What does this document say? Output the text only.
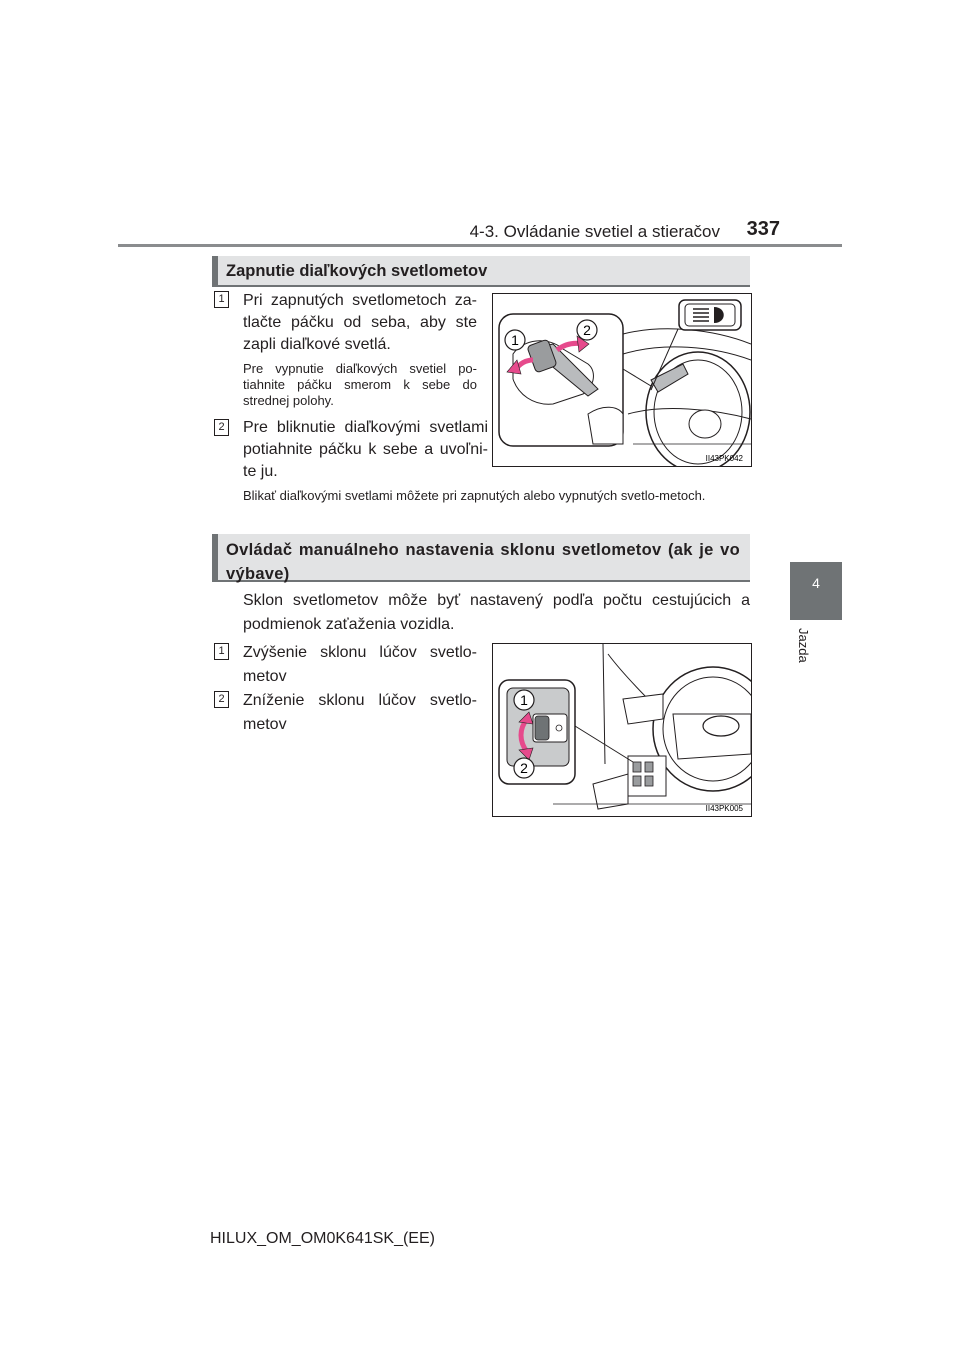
4-3. Ovládanie svetiel a stieračov	337
4
Jazda
Zapnutie diaľkových svetlometov
1 Pri zapnutých svetlometoch za-tlačte páčku od seba, aby ste zapli diaľkové svetlá.
Pre vypnutie diaľkových svetiel po-tiahnite páčku smerom k sebe do strednej polohy.
2 Pre bliknutie diaľkovými svetlami potiahnite páčku k sebe a uvoľni-te ju.
Blikať diaľkovými svetlami môžete pri zapnutých alebo vypnutých svetlo-metoch.
1
2
II43PK042
Ovládač manuálneho nastavenia sklonu svetlometov (ak je vo výbave)
Sklon svetlometov môže byť nastavený podľa počtu cestujúcich a podmienok zaťaženia vozidla.
1 Zvýšenie sklonu lúčov svetlo-metov
2 Zníženie sklonu lúčov svetlo-metov
1
2
II43PK005
HILUX_OM_OM0K641SK_(EE)
